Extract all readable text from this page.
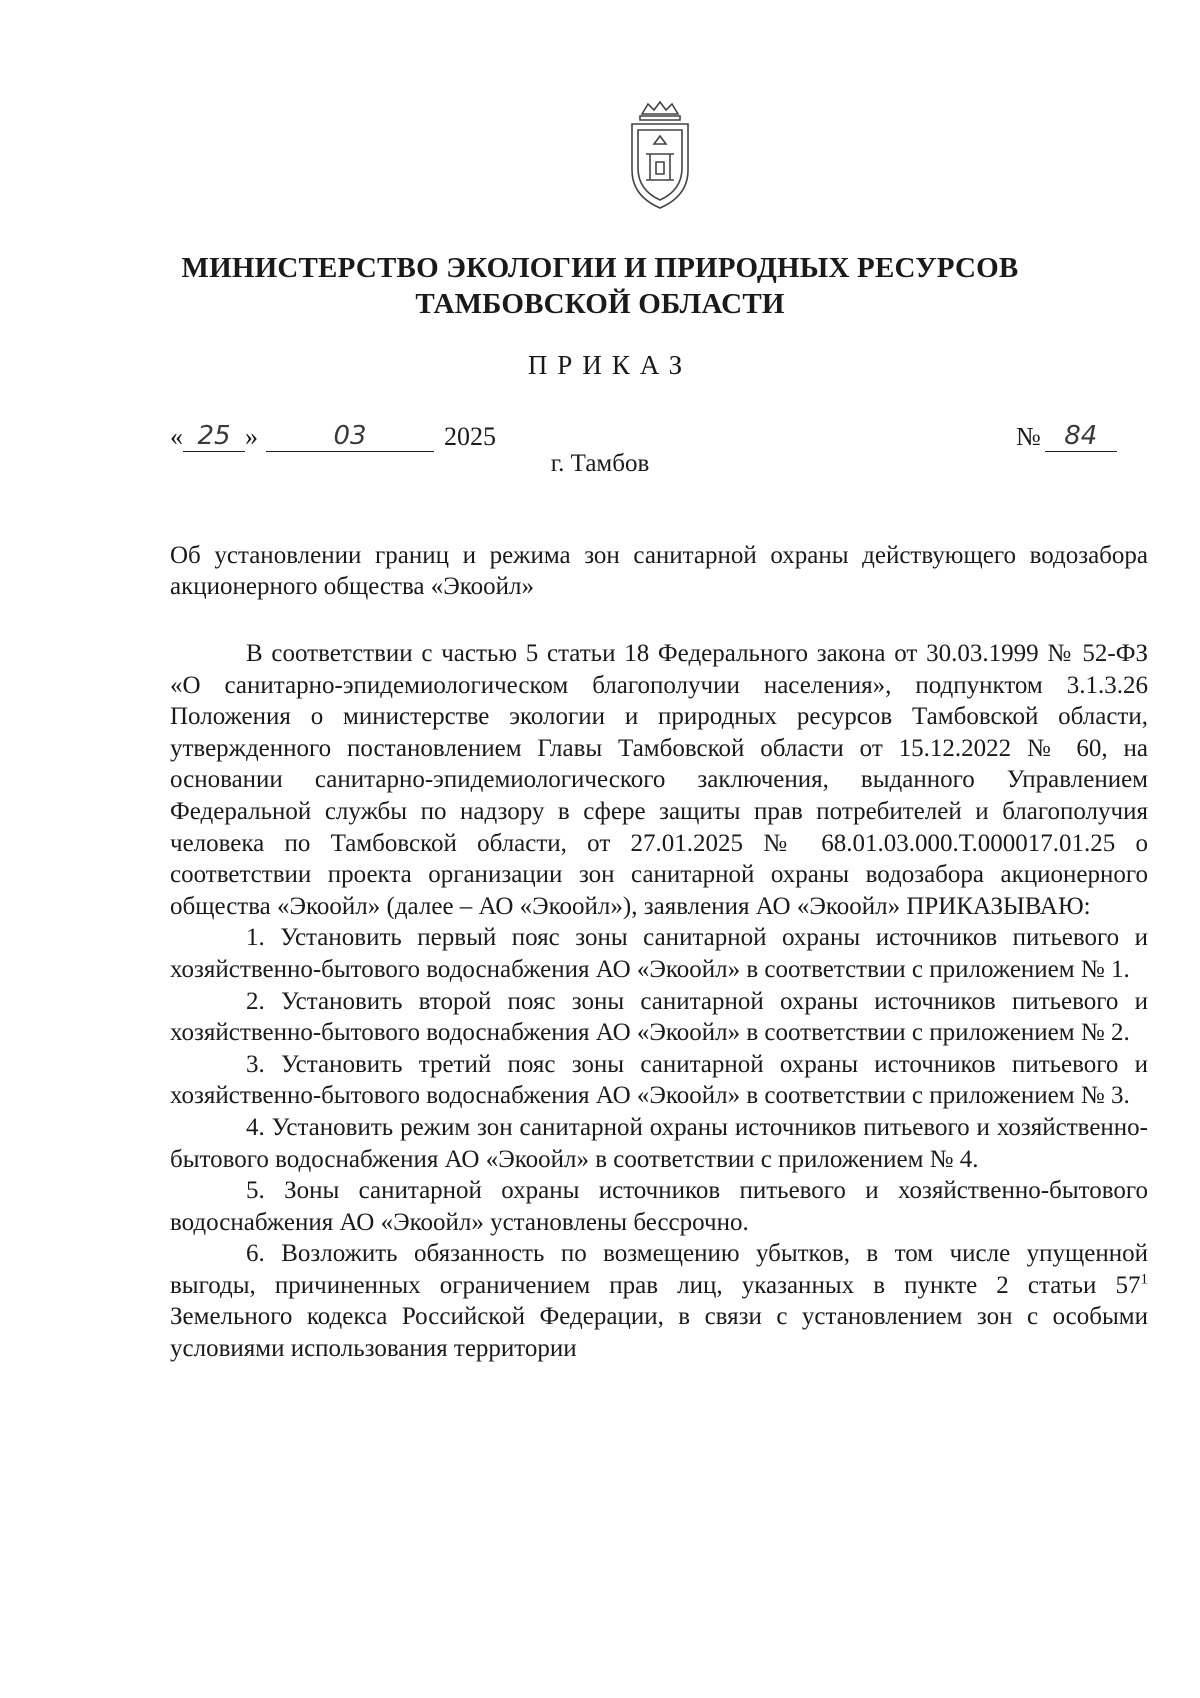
МИНИСТЕРСТВО ЭКОЛОГИИ И ПРИРОДНЫХ РЕСУРСОВ
ТАМБОВСКОЙ ОБЛАСТИ
ПРИКАЗ
« 25 »	03	2025	№ 84
г. Тамбов
Об установлении границ и режима зон санитарной охраны действующего водозабора акционерного общества «Экоойл»

В соответствии с частью 5 статьи 18 Федерального закона от 30.03.1999 № 52-ФЗ «О санитарно-эпидемиологическом благополучии населения», подпунктом 3.1.3.26 Положения о министерстве экологии и природных ресурсов Тамбовской области, утвержденного постановлением Главы Тамбовской области от 15.12.2022 № 60, на основании санитарно-эпидемиологического заключения, выданного Управлением Федеральной службы по надзору в сфере защиты прав потребителей и благополучия человека по Тамбовской области, от 27.01.2025 № 68.01.03.000.Т.000017.01.25 о соответствии проекта организации зон санитарной охраны водозабора акционерного общества «Экоойл» (далее – АО «Экоойл»), заявления АО «Экоойл» ПРИКАЗЫВАЮ:

1. Установить первый пояс зоны санитарной охраны источников питьевого и хозяйственно-бытового водоснабжения АО «Экоойл» в соответствии с приложением № 1.

2. Установить второй пояс зоны санитарной охраны источников питьевого и хозяйственно-бытового водоснабжения АО «Экоойл» в соответствии с приложением № 2.

3. Установить третий пояс зоны санитарной охраны источников питьевого и хозяйственно-бытового водоснабжения АО «Экоойл» в соответствии с приложением № 3.

4. Установить режим зон санитарной охраны источников питьевого и хозяйственно-бытового водоснабжения АО «Экоойл» в соответствии с приложением № 4.

5. Зоны санитарной охраны источников питьевого и хозяйственно-бытового водоснабжения АО «Экоойл» установлены бессрочно.

6. Возложить обязанность по возмещению убытков, в том числе упущенной выгоды, причиненных ограничением прав лиц, указанных в пункте 2 статьи $57^1$ Земельного кодекса Российской Федерации, в связи с установлением зон с особыми условиями использования территории
